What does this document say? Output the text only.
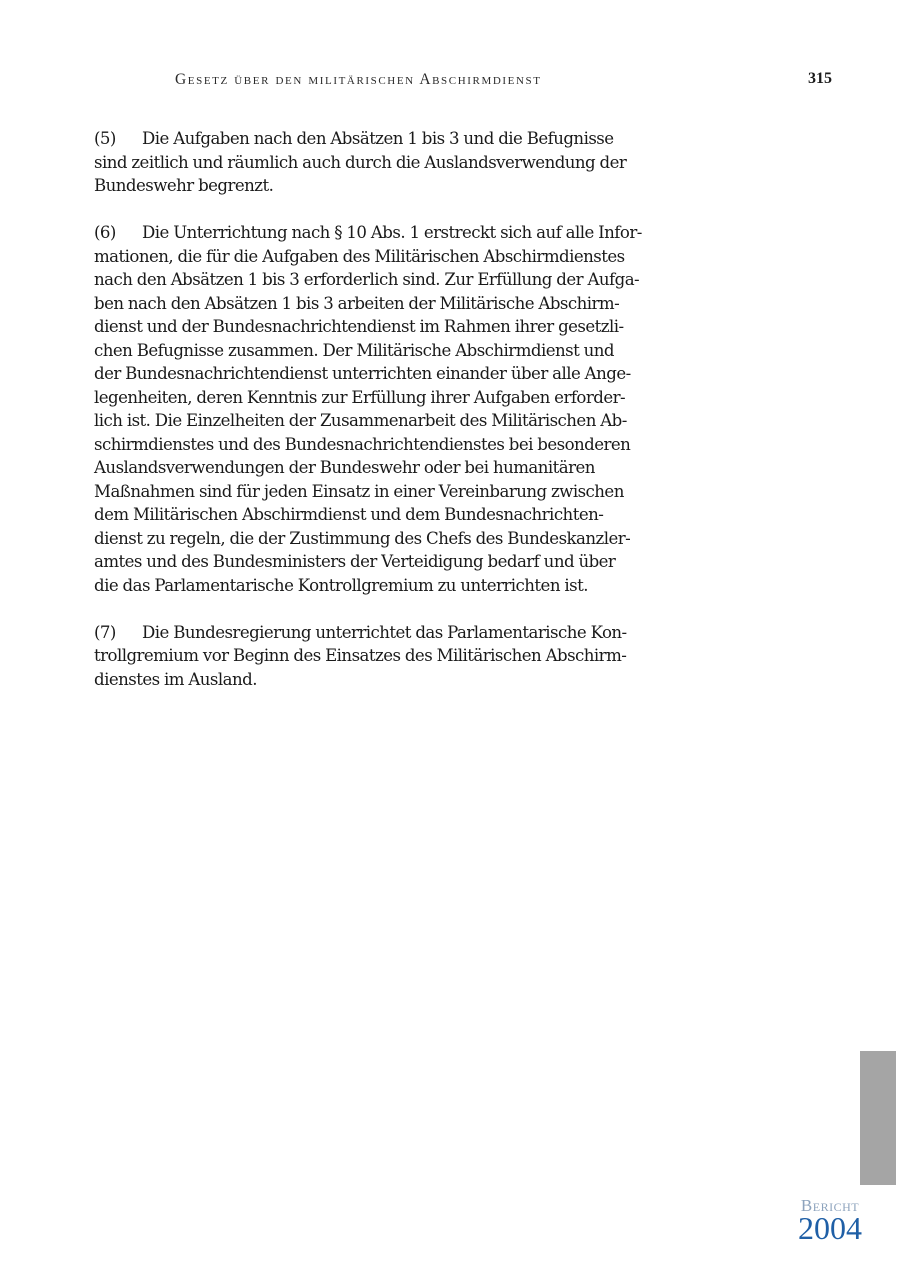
Gesetz über den militärischen Abschirmdienst	315
(5) Die Aufgaben nach den Absätzen 1 bis 3 und die Befugnisse
sind zeitlich und räumlich auch durch die Auslandsverwendung der
Bundeswehr begrenzt.
(6) Die Unterrichtung nach § 10 Abs. 1 erstreckt sich auf alle Infor-
mationen, die für die Aufgaben des Militärischen Abschirmdienstes
nach den Absätzen 1 bis 3 erforderlich sind. Zur Erfüllung der Aufga-
ben nach den Absätzen 1 bis 3 arbeiten der Militärische Abschirm-
dienst und der Bundesnachrichtendienst im Rahmen ihrer gesetzli-
chen Befugnisse zusammen. Der Militärische Abschirmdienst und
der Bundesnachrichtendienst unterrichten einander über alle Ange-
legenheiten, deren Kenntnis zur Erfüllung ihrer Aufgaben erforder-
lich ist. Die Einzelheiten der Zusammenarbeit des Militärischen Ab-
schirmdienstes und des Bundesnachrichtendienstes bei besonderen
Auslandsverwendungen der Bundeswehr oder bei humanitären
Maßnahmen sind für jeden Einsatz in einer Vereinbarung zwischen
dem Militärischen Abschirmdienst und dem Bundesnachrichten-
dienst zu regeln, die der Zustimmung des Chefs des Bundeskanzler-
amtes und des Bundesministers der Verteidigung bedarf und über
die das Parlamentarische Kontrollgremium zu unterrichten ist.
(7) Die Bundesregierung unterrichtet das Parlamentarische Kon-
trollgremium vor Beginn des Einsatzes des Militärischen Abschirm-
dienstes im Ausland.
Bericht
2004
